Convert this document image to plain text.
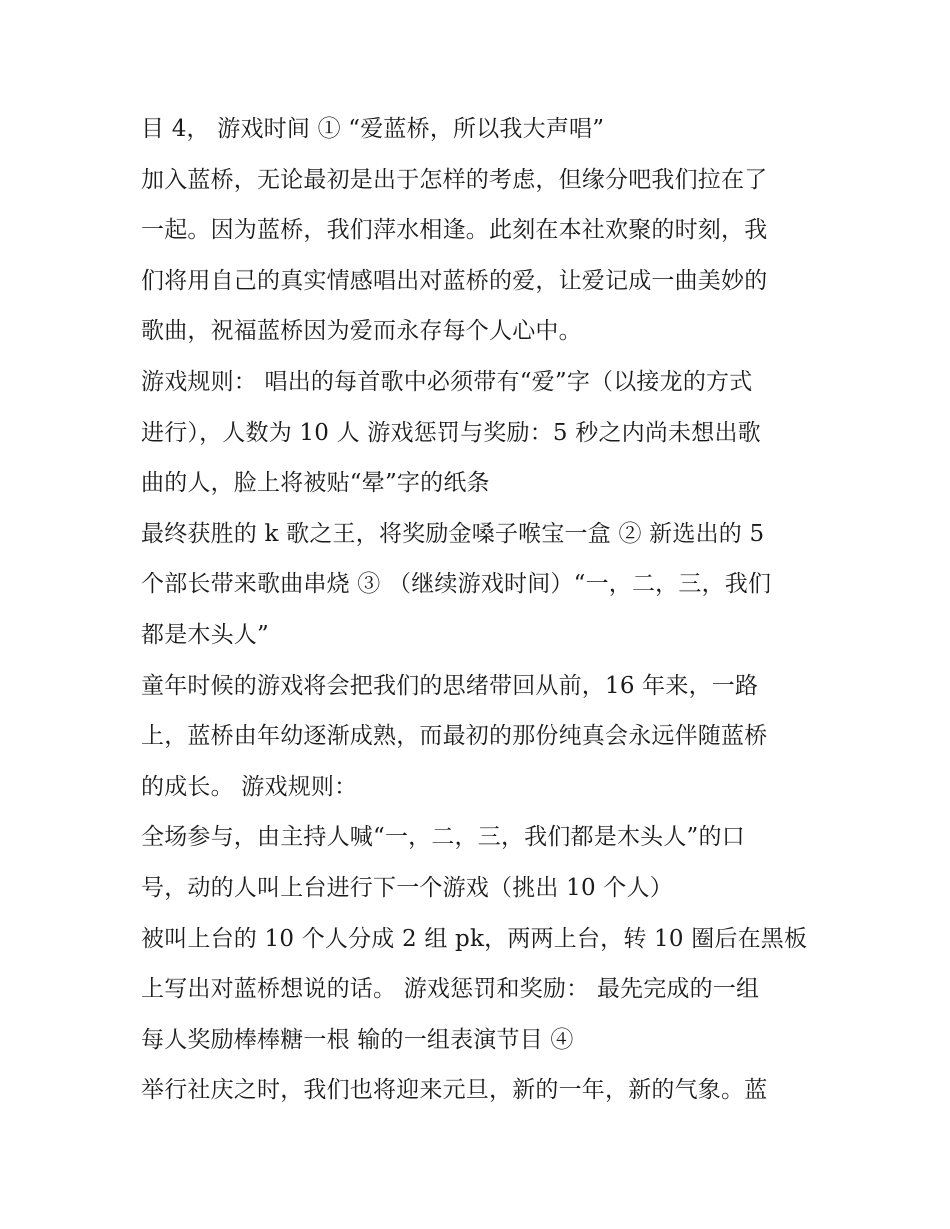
目 4， 游戏时间 ① “爱蓝桥，所以我大声唱”
加入蓝桥，无论最初是出于怎样的考虑，但缘分吧我们拉在了
一起。因为蓝桥，我们萍水相逢。此刻在本社欢聚的时刻，我
们将用自己的真实情感唱出对蓝桥的爱，让爱记成一曲美妙的
歌曲，祝福蓝桥因为爱而永存每个人心中。
游戏规则： 唱出的每首歌中必须带有“爱”字（以接龙的方式
进行），人数为 10 人 游戏惩罚与奖励：5 秒之内尚未想出歌
曲的人，脸上将被贴“晕”字的纸条
最终获胜的 k 歌之王，将奖励金嗓子喉宝一盒 ② 新选出的 5
个部长带来歌曲串烧 ③ （继续游戏时间）“一，二，三，我们
都是木头人”
童年时候的游戏将会把我们的思绪带回从前，16 年来，一路
上，蓝桥由年幼逐渐成熟，而最初的那份纯真会永远伴随蓝桥
的成长。 游戏规则：
全场参与，由主持人喊“一，二，三，我们都是木头人”的口
号，动的人叫上台进行下一个游戏（挑出 10 个人）
被叫上台的 10 个人分成 2 组 pk，两两上台，转 10 圈后在黑板
上写出对蓝桥想说的话。 游戏惩罚和奖励： 最先完成的一组
每人奖励棒棒糖一根 输的一组表演节目 ④
举行社庆之时，我们也将迎来元旦，新的一年，新的气象。蓝
